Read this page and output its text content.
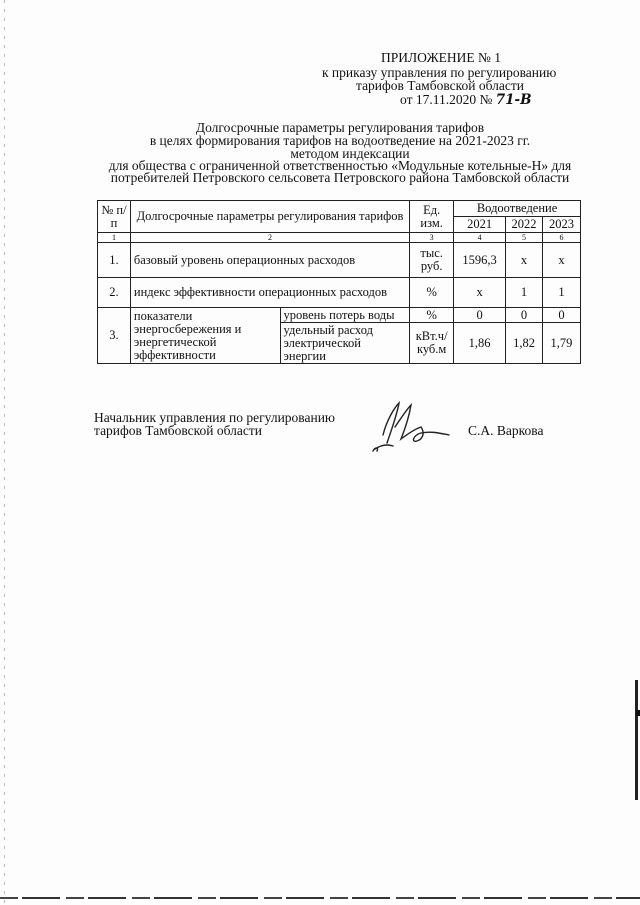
ПРИЛОЖЕНИЕ № 1
к приказу управления по регулированию
тарифов Тамбовской области
от 17.11.2020 № 71-В
Долгосрочные параметры регулирования тарифов
в целях формирования тарифов на водоотведение на 2021-2023 гг.
методом индексации
для общества с ограниченной ответственностью «Модульные котельные-Н» для
потребителей Петровского сельсовета Петровского района Тамбовской области
№ п/п	Долгосрочные параметры регулирования тарифов		Ед. изм.	Водоотведение		
				2021	2022	2023
1	2		3	4	5	6
1.	базовый уровень операционных расходов		тыс. руб.	1596,3	x	x
2.	индекс эффективности операционных расходов		%	x	1	1
3.	показатели энергосбережения и энергетической эффективности	уровень потерь воды	%	0	0	0
		удельный расход электрической энергии	кВт.ч/ куб.м	1,86	1,82	1,79
Начальник управления по регулированию
тарифов Тамбовской области	С.А. Варкова
